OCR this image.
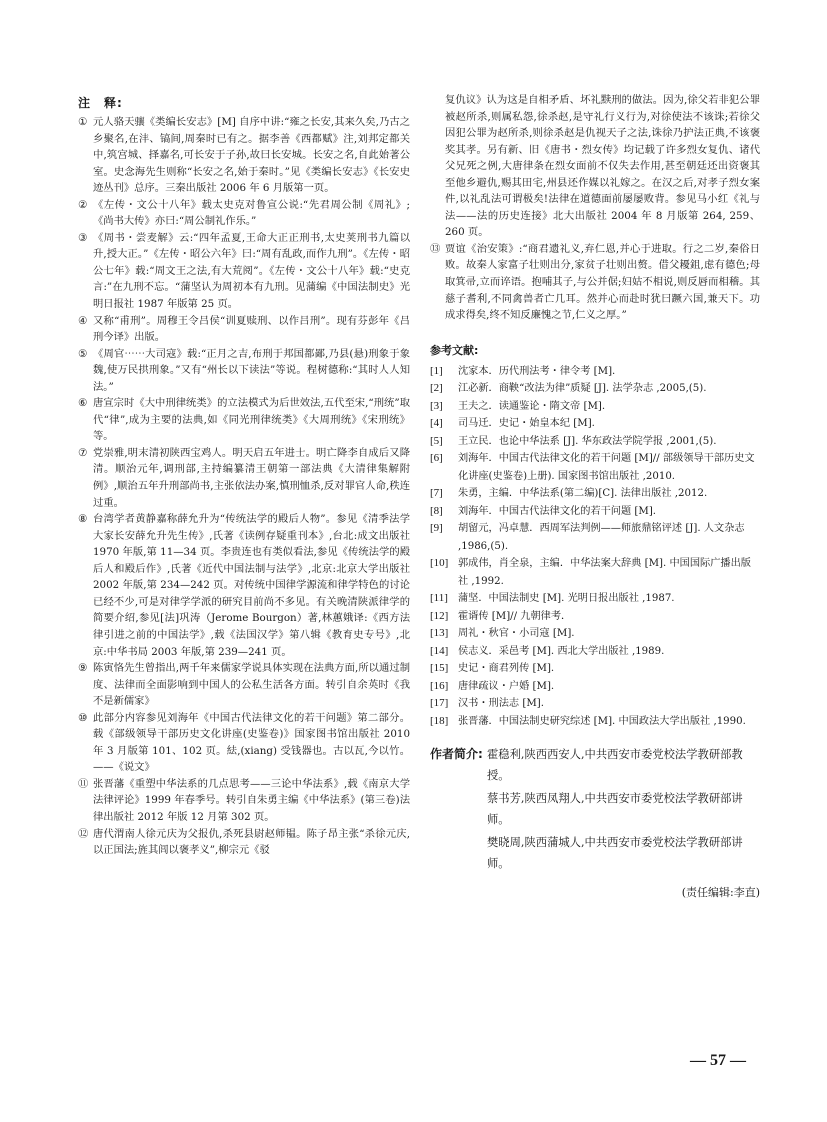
注　释:
① 元人骆天骧《类编长安志》[M] 自序中讲:“雍之长安,其来久矣,乃古之乡聚名,在沣、镐间,周秦时已有之。据李善《西都赋》注,刘邦定都关中,筑宫城、择嘉名,可长安于子孙,故曰长安城。长安之名,自此始著公室。史念海先生则称“长安之名,始于秦时。”见《类编长安志》《长安史迹丛刊》总序。三秦出版社 2006 年 6 月版第一页。
② 《左传・文公十八年》载太史克对鲁宣公说:“先君周公制《周礼》;《尚书大传》亦曰:“周公制礼作乐。”
③ 《周书・尝麦解》云:“四年孟夏,王命大正正刑书,太史荚刑书九篇以升,授大正。”《左传・昭公六年》曰:“周有乱政,而作九刑”。《左传・昭公七年》载:“周文王之法,有大荒阅”。《左传・文公十八年》载:“史克言:”在九刑不忘。“蒲坚认为周初本有九刑。见蒲编《中国法制史》光明日报社 1987 年版第 25 页。
④ 又称“甫刑”。周穆王令吕侯“训夏赎刑、以作吕刑”。现有芬彭年《吕刑今译》出版。
⑤ 《周官⋯⋯大司寇》载:“正月之吉,布刑于邦国都鄙,乃县(悬)刑象于象魏,使万民拱刑象。”又有“州长以下读法”等说。程树德称:“其时人人知法。”
⑥ 唐宣宗时《大中刑律统类》的立法模式为后世效法,五代至宋,“刑统”取代“律”,成为主要的法典,如《同光刑律统类》《大周刑统》《宋刑统》等。
⑦ 党崇雅,明末清初陕西宝鸡人。明天启五年进士。明亡降李自成后又降清。顺治元年,调刑部,主持编纂清王朝第一部法典《大清律集解附例》,顺治五年升刑部尚书,主张依法办案,慎刑恤杀,反对罪官人命,秩连过重。
⑧ 台湾学者黄静嘉称薛允升为“传统法学的殿后人物”。参见《清季法学大家长安薛允升先生传》,氏著《读例存疑重刊本》,台北:成文出版社 1970 年版,第 11—34 页。李贵连也有类似看法,参见《传统法学的殿后人和殿后作》,氏著《近代中国法制与法学》,北京:北京大学出版社 2002 年版,第 234—242 页。对传统中国律学源流和律学特色的讨论已经不少,可是对律学学派的研究目前尚不多见。有关晚清陕派律学的简要介绍,参见[法]巩涛（Jerome Bourgon）著,林蕙娥译:《西方法律引进之前的中国法学》,载《法国汉学》第八辑《教育史专号》,北京:中华书局 2003 年版,第 239—241 页。
⑨ 陈寅恪先生曾指出,两千年来儒家学说具体实现在法典方面,所以通过制度、法律而全面影响到中国人的公私生活各方面。转引自余英时《我不是新儒家》
⑩ 此部分内容参见刘海年《中国古代法律文化的若干问题》第二部分。载《部级领导干部历史文化讲座(史鉴卷)》国家图书馆出版社 2010 年 3 月版第 101、102 页。紶,(xiang) 受钱器也。古以瓦,今以竹。——《说文》
⑪ 张晋藩《重塑中华法系的几点思考——三论中华法系》,载《南京大学法律评论》1999 年春季号。转引自朱勇主编《中华法系》(第三卷)法律出版社 2012 年版 12 月第 302 页。
⑫ 唐代渭南人徐元庆为父报仇,杀死县尉赵师韫。陈子昂主张“杀徐元庆,以正国法;旌其闾以褒孝义”,柳宗元《驳

复仇议》认为这是自相矛盾、坏礼黩刑的做法。因为,徐父若非犯公罪被赵所杀,则属私怨,徐杀赵,是守礼行义行为,对徐使法不该诛;若徐父因犯公罪为赵所杀,则徐杀赵是仇视天子之法,诛徐乃护法正典,不该褒奖其孝。另有新、旧《唐书・烈女传》均记载了许多烈女复仇、诸代父兄死之例,大唐律条在烈女面前不仅失去作用,甚至朝廷还出资褒其至他乡避仇,赐其田宅,州县还作媒以礼嫁之。在汉之后,对孝子烈女案件,以礼乱法可谓极矣!法律在道德面前屡屡败背。参见马小红《礼与法——法的历史连接》北大出版社 2004 年 8 月版第 264, 259、260 页。

⑬ 贾谊《治安策》:“商君遗礼义,弃仁恩,并心于进取。行之二岁,秦俗日败。故秦人家富子壮则出分,家贫子壮则出赘。借父耰鉏,虑有德色;母取箕帚,立而谇语。抱哺其子,与公并倨;妇姑不相说,则反唇而相稽。其慈子耆利,不同禽兽者亡几耳。然并心而赴时犹曰蹶六国,兼天下。功成求得矣,终不知反廉愧之节,仁义之厚。”
参考文献:
[1]	沈家本．历代刑法考・律令考 [M].
[2]	江必新．商鞅“改法为律”质疑 [J]. 法学杂志 ,2005,(5).
[3]	王夫之．读通鉴论・隋文帝 [M].
[4]	司马迁．史记・始皇本纪 [M].
[5]	王立民．也论中华法系 [J]. 华东政法学院学报 ,2001,(5).
[6]	刘海年．中国古代法律文化的若干问题 [M]// 部级领导干部历史文化讲座(史鉴卷)上册). 国家图书馆出版社 ,2010.
[7]	朱勇，主编．中华法系(第二编)[C]. 法律出版社 ,2012.
[8]	刘海年．中国古代法律文化的若干问题 [M].
[9]	胡留元，冯卓慧．西周军法判例——师旅鼎铭评述 [J]. 人文杂志 ,1986,(5).
[10] 郭成伟，肖全泉，主编．中华法案大辞典 [M]. 中国国际广播出版社 ,1992.
[11] 蒲坚．中国法制史 [M]. 光明日报出版社 ,1987.
[12] 霍谞传 [M]// 九朝律考．
[13] 周礼・秋官・小司寇 [M].
[14] 侯志义．采邑考 [M]. 西北大学出版社 ,1989.
[15] 史记・商君列传 [M].
[16] 唐律疏议・户婚 [M].
[17] 汉书・刑法志 [M].
[18] 张晋藩．中国法制史研究综述 [M]. 中国政法大学出版社 ,1990.
作者简介: 霍稳利,陕西西安人,中共西安市委党校法学教研部教授。

蔡书芳,陕西凤翔人,中共西安市委党校法学教研部讲师。

樊晓周,陕西蒲城人,中共西安市委党校法学教研部讲师。

(责任编辑:李直)
— 57 —
